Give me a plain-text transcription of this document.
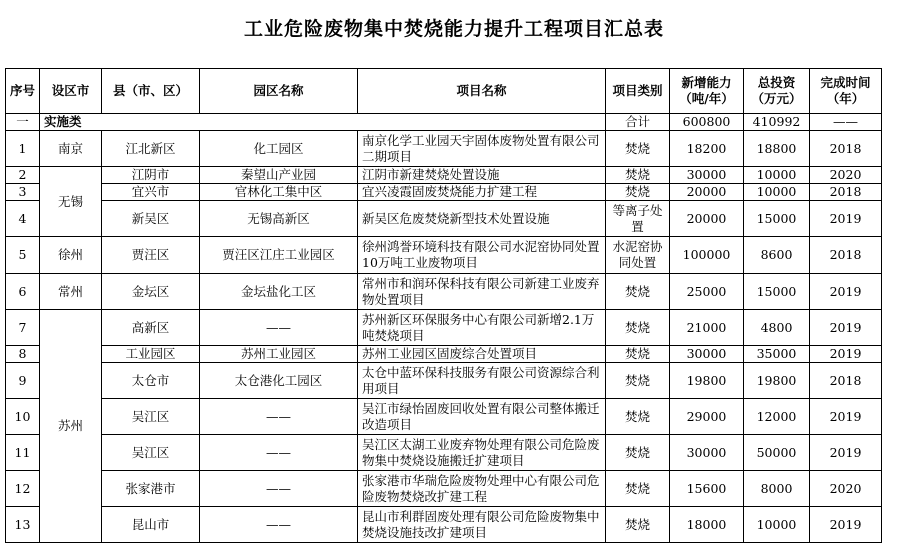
工业危险废物集中焚烧能力提升工程项目汇总表
序号	设区市	县（市、区）	园区名称	项目名称	项目类别	新增能力（吨/年）	总投资（万元）	完成时间（年）
一	实施类				合计	600800	410992	——
1	南京	江北新区	化工园区	南京化学工业园天宇固体废物处置有限公司二期项目	焚烧	18200	18800	2018
2	无锡	江阴市	秦望山产业园	江阴市新建焚烧处置设施	焚烧	30000	10000	2020
3		宜兴市	官林化工集中区	宜兴凌霞固废焚烧能力扩建工程	焚烧	20000	10000	2018
4		新吴区	无锡高新区	新吴区危废焚烧新型技术处置设施	等离子处置	20000	15000	2019
5	徐州	贾汪区	贾汪区江庄工业园区	徐州鸿誉环境科技有限公司水泥窑协同处置10万吨工业废物项目	水泥窑协同处置	100000	8600	2018
6	常州	金坛区	金坛盐化工区	常州市和润环保科技有限公司新建工业废弃物处置项目	焚烧	25000	15000	2019
7	苏州	高新区	——	苏州新区环保服务中心有限公司新增2.1万吨焚烧项目	焚烧	21000	4800	2019
8		工业园区	苏州工业园区	苏州工业园区固废综合处置项目	焚烧	30000	35000	2019
9		太仓市	太仓港化工园区	太仓中蓝环保科技服务有限公司资源综合利用项目	焚烧	19800	19800	2018
10		吴江区	——	吴江市绿怡固废回收处置有限公司整体搬迁改造项目	焚烧	29000	12000	2019
11		吴江区	——	吴江区太湖工业废弃物处理有限公司危险废物集中焚烧设施搬迁扩建项目	焚烧	30000	50000	2019
12		张家港市	——	张家港市华瑞危险废物处理中心有限公司危险废物焚烧改扩建工程	焚烧	15600	8000	2020
13		昆山市	——	昆山市利群固废处理有限公司危险废物集中焚烧设施技改扩建项目	焚烧	18000	10000	2019
